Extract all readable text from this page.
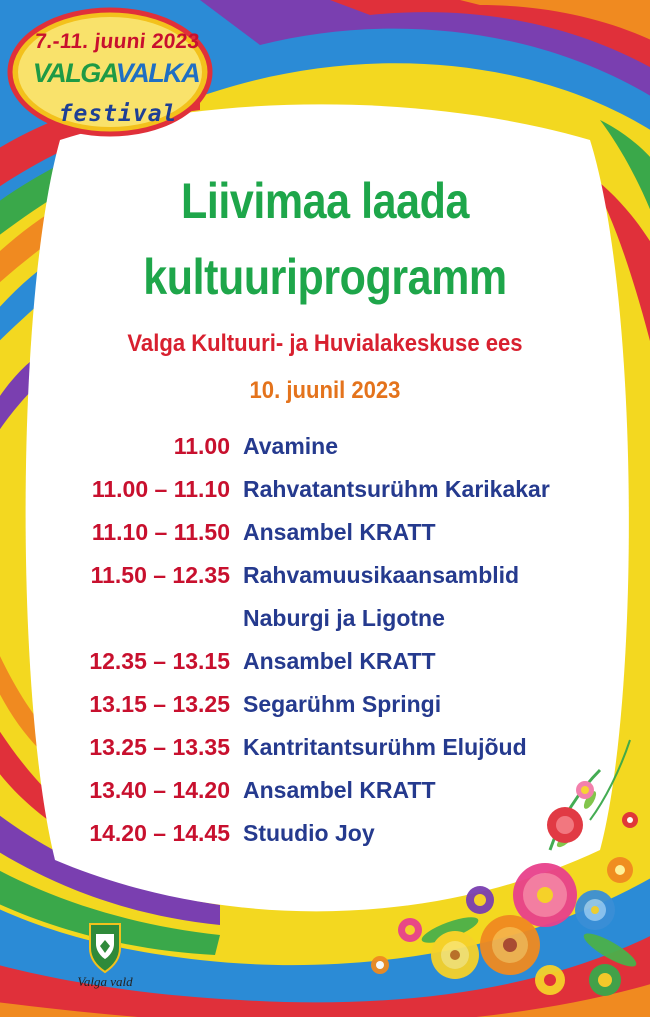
7.-11. juuni 2023
VALGAVALKA
festival
Liivimaa laada
kultuuriprogramm
Valga Kultuuri- ja Huvialakeskuse ees
10. juunil 2023
11.00 Avamine
11.00 – 11.10 Rahvatantsurühm Karikakar
11.10 – 11.50 Ansambel KRATT
11.50 – 12.35 Rahvamuusikaansamblid
Naburgi ja Ligotne
12.35 – 13.15 Ansambel KRATT
13.15 – 13.25 Segarühm Springi
13.25 – 13.35 Kantritantsurühm Elujõud
13.40 – 14.20 Ansambel KRATT
14.20 – 14.45 Stuudio Joy
Valga vald
